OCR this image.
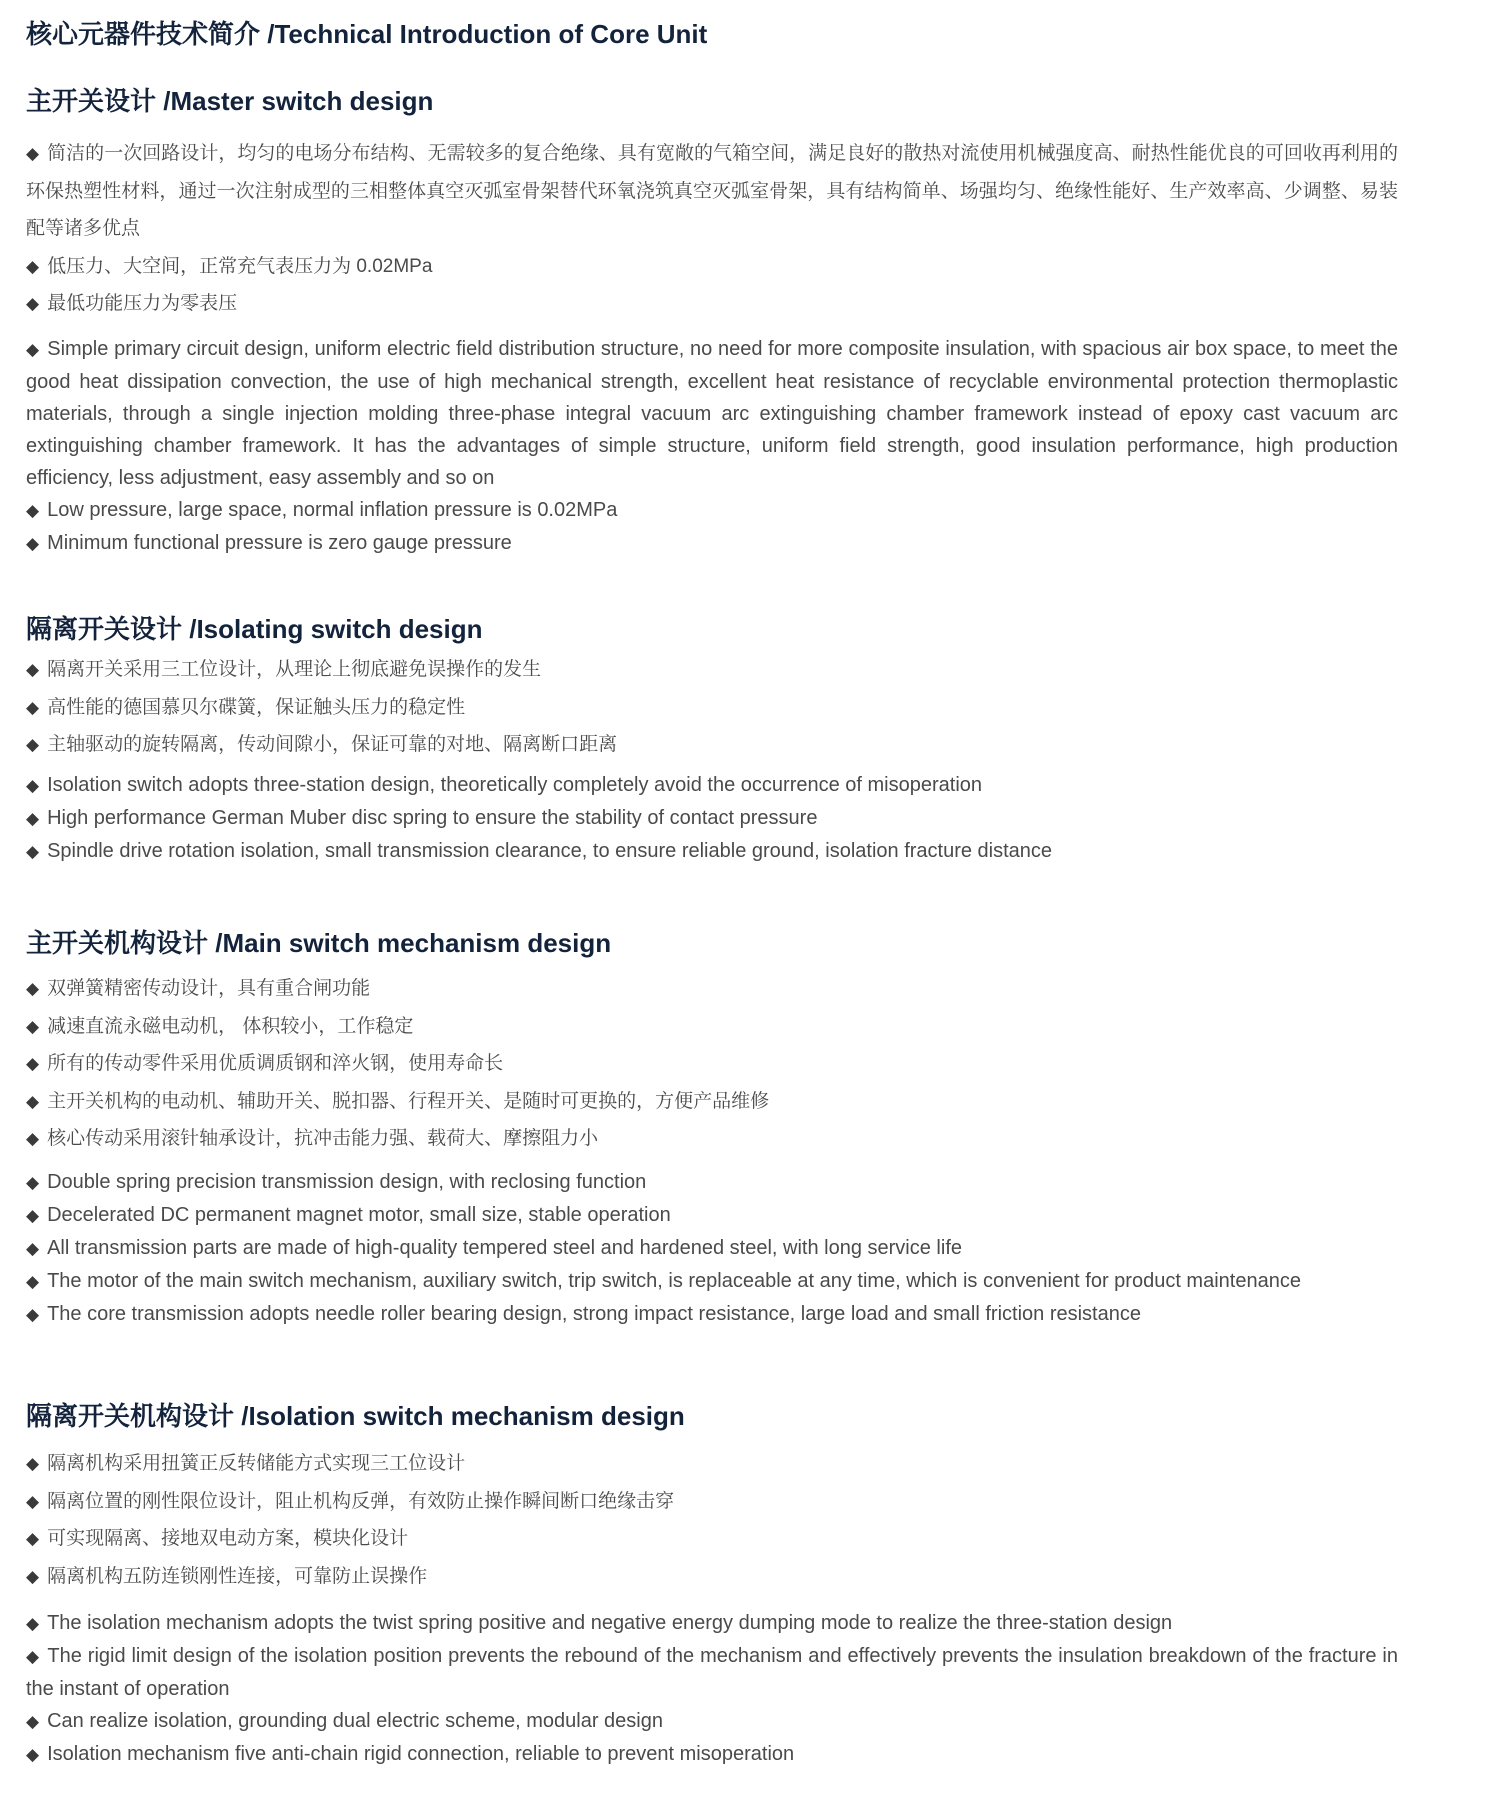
核心元器件技术简介 /Technical Introduction of Core Unit
主开关设计 /Master switch design
◆ 简洁的一次回路设计，均匀的电场分布结构、无需较多的复合绝缘、具有宽敞的气箱空间，满足良好的散热对流使用机械强度高、耐热性能优良的可回收再利用的环保热塑性材料，通过一次注射成型的三相整体真空灭弧室骨架替代环氧浇筑真空灭弧室骨架，具有结构简单、场强均匀、绝缘性能好、生产效率高、少调整、易装配等诸多优点
◆ 低压力、大空间，正常充气表压力为 0.02MPa
◆ 最低功能压力为零表压
◆ Simple primary circuit design, uniform electric field distribution structure, no need for more composite insulation, with spacious air box space, to meet the good heat dissipation convection, the use of high mechanical strength, excellent heat resistance of recyclable environmental protection thermoplastic materials, through a single injection molding three-phase integral vacuum arc extinguishing chamber framework instead of epoxy cast vacuum arc extinguishing chamber framework. It has the advantages of simple structure, uniform field strength, good insulation performance, high production efficiency, less adjustment, easy assembly and so on
◆ Low pressure, large space, normal inflation pressure is 0.02MPa
◆ Minimum functional pressure is zero gauge pressure
隔离开关设计 /Isolating switch design
◆ 隔离开关采用三工位设计，从理论上彻底避免误操作的发生
◆ 高性能的德国慕贝尔碟簧，保证触头压力的稳定性
◆ 主轴驱动的旋转隔离，传动间隙小，保证可靠的对地、隔离断口距离
◆ Isolation switch adopts three-station design, theoretically completely avoid the occurrence of misoperation
◆ High performance German Muber disc spring to ensure the stability of contact pressure
◆ Spindle drive rotation isolation, small transmission clearance, to ensure reliable ground, isolation fracture distance
主开关机构设计 /Main switch mechanism design
◆ 双弹簧精密传动设计，具有重合闸功能
◆ 减速直流永磁电动机， 体积较小，工作稳定
◆ 所有的传动零件采用优质调质钢和淬火钢，使用寿命长
◆ 主开关机构的电动机、辅助开关、脱扣器、行程开关、是随时可更换的，方便产品维修
◆ 核心传动采用滚针轴承设计，抗冲击能力强、载荷大、摩擦阻力小
◆ Double spring precision transmission design, with reclosing function
◆ Decelerated DC permanent magnet motor, small size, stable operation
◆ All transmission parts are made of high-quality tempered steel and hardened steel, with long service life
◆ The motor of the main switch mechanism, auxiliary switch, trip switch, is replaceable at any time, which is convenient for product maintenance
◆ The core transmission adopts needle roller bearing design, strong impact resistance, large load and small friction resistance
隔离开关机构设计 /Isolation switch mechanism design
◆ 隔离机构采用扭簧正反转储能方式实现三工位设计
◆ 隔离位置的刚性限位设计，阻止机构反弹，有效防止操作瞬间断口绝缘击穿
◆ 可实现隔离、接地双电动方案，模块化设计
◆ 隔离机构五防连锁刚性连接，可靠防止误操作
◆ The isolation mechanism adopts the twist spring positive and negative energy dumping mode to realize the three-station design
◆ The rigid limit design of the isolation position prevents the rebound of the mechanism and effectively prevents the insulation breakdown of the fracture in the instant of operation
◆ Can realize isolation, grounding dual electric scheme, modular design
◆ Isolation mechanism five anti-chain rigid connection, reliable to prevent misoperation
